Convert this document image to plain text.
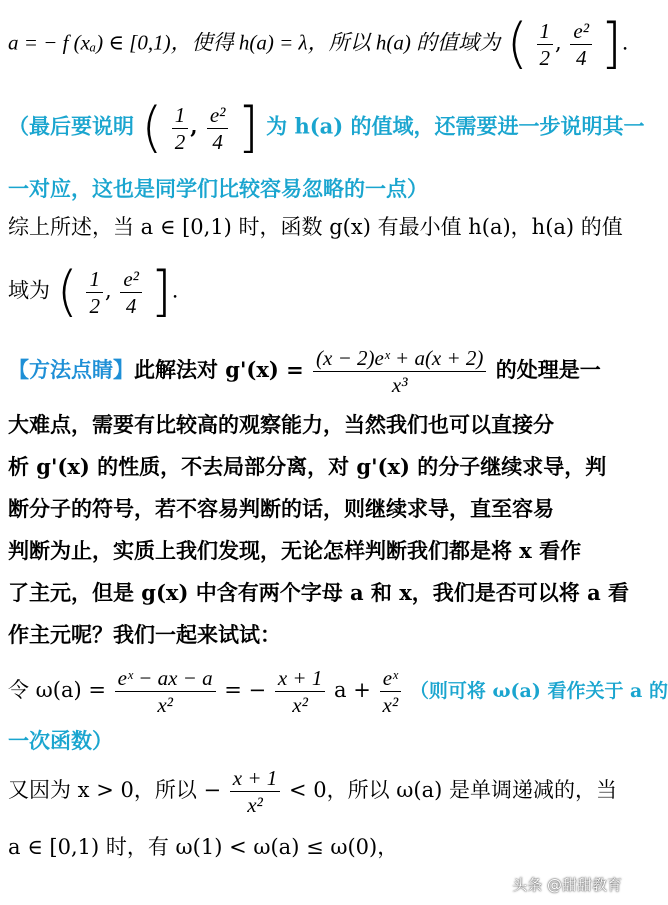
a = − f (xₐ) ∈ [0,1)，使得 h(a) = λ，所以 h(a) 的值域为 ( $\frac{1}{2}$ , $\frac{\text{e²}}{4}$ ].
（最后要说明 ( $\frac{1}{2}$ , $\frac{\text{e²}}{4}$ ] 为 h(a) 的值域，还需要进一步说明其一
一对应，这也是同学们比较容易忽略的一点）
综上所述，当 a ∈ [0,1) 时，函数 g(x) 有最小值 h(a)，h(a) 的值
域为 ( $\frac{1}{2}$ , $\frac{\text{e²}}{4}$ ].
【方法点睛】此解法对 $g'(x) = \frac{\text{(x − 2)eˣ + a(x + 2)}}{\text{x³}}$ 的处理是一
大难点，需要有比较高的观察能力，当然我们也可以直接分
析 g'(x) 的性质，不去局部分离，对 g'(x) 的分子继续求导，判
断分子的符号，若不容易判断的话，则继续求导，直至容易
判断为止，实质上我们发现，无论怎样判断我们都是将 x 看作
了主元，但是 g(x) 中含有两个字母 a 和 x，我们是否可以将 a 看
作主元呢？我们一起来试试：
令 $\omega(a) = \frac{\text{eˣ − ax − a}}{\text{x²}}$ = − $\frac{x + 1}{\text{x²}}$ $a + \frac{\text{eˣ}}{\text{x²}}$ （则可将 ω(a) 看作关于 a 的
一次函数）
又因为 x > 0，所以 − $\frac{x + 1}{\text{x²}} < 0$，所以 ω(a) 是单调递减的，当
a ∈ [0,1) 时，有 ω(1) < ω(a) ≤ ω(0)，
头条 @甜甜教育
